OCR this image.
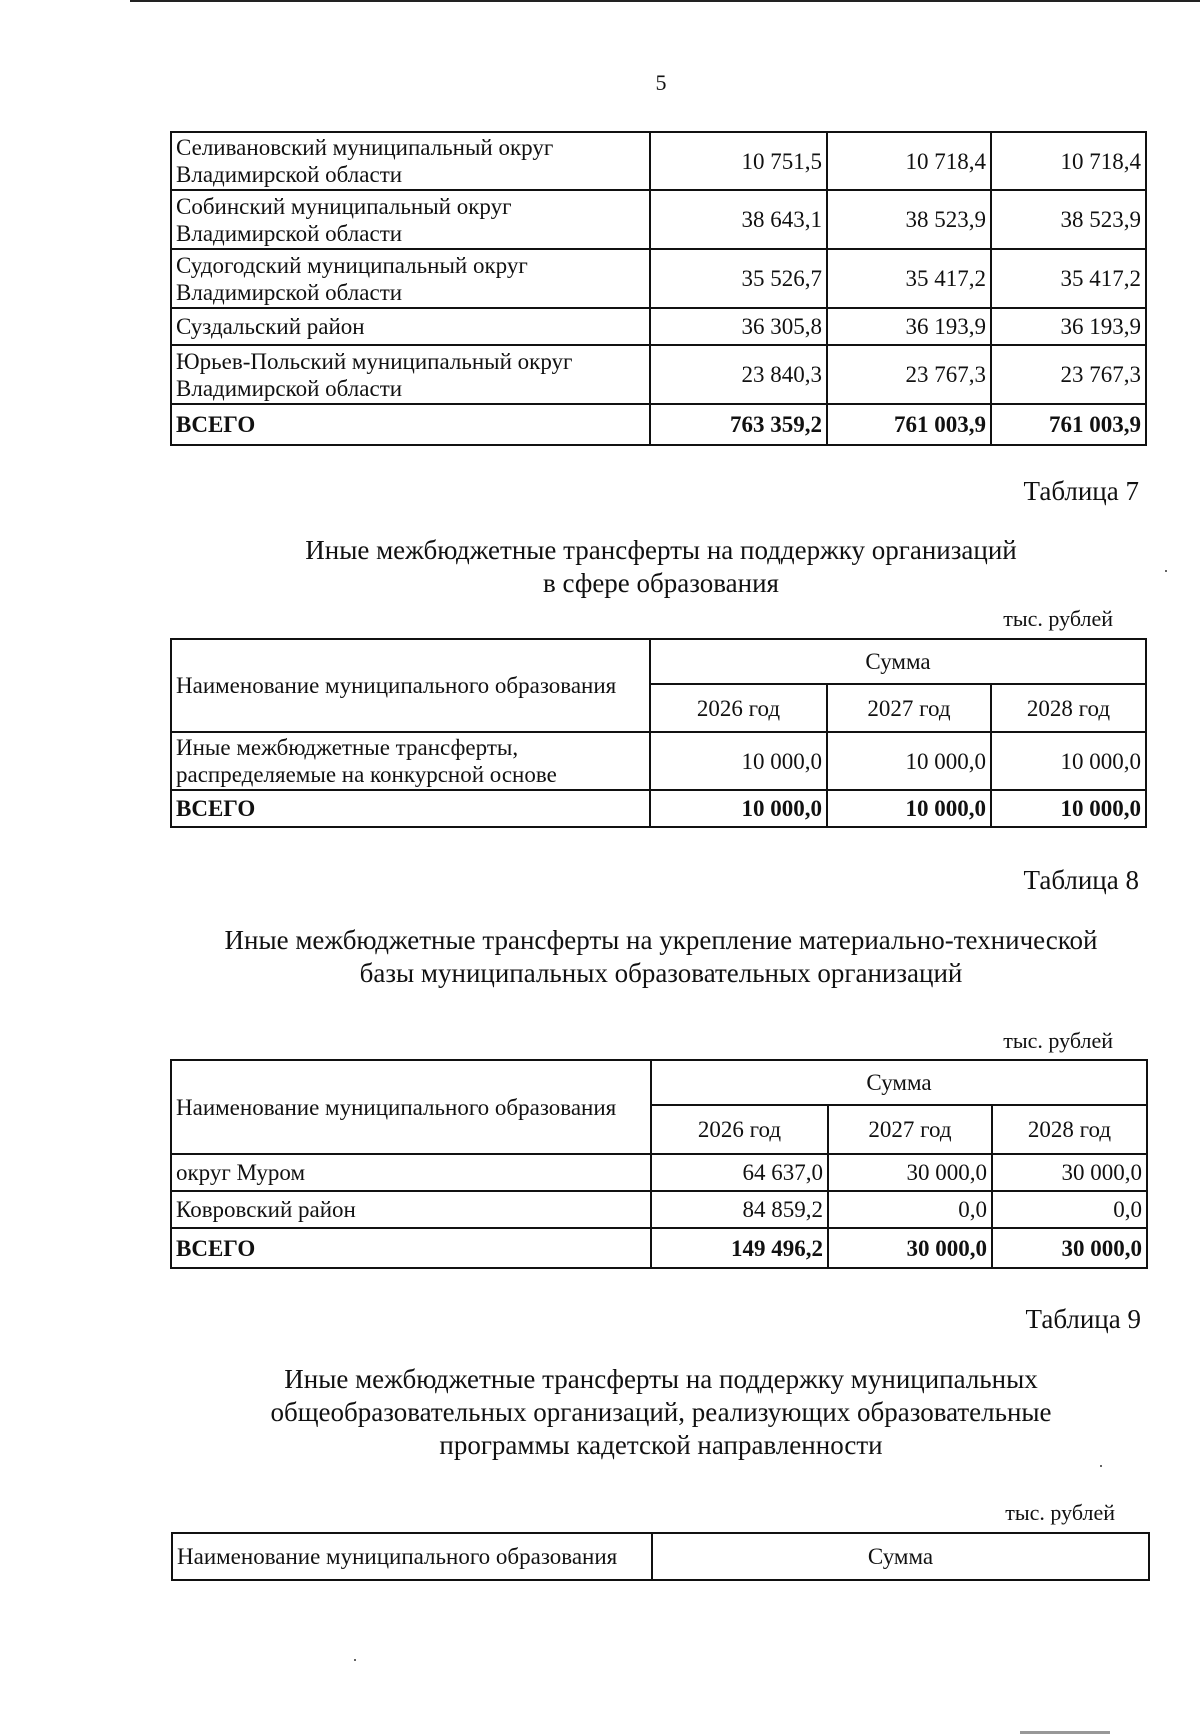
5
Селивановский муниципальный округ
Владимирской области	10 751,5	10 718,4	10 718,4
Собинский муниципальный округ
Владимирской области	38 643,1	38 523,9	38 523,9
Судогодский муниципальный округ
Владимирской области	35 526,7	35 417,2	35 417,2
Суздальский район	36 305,8	36 193,9	36 193,9
Юрьев-Польский муниципальный округ
Владимирской области	23 840,3	23 767,3	23 767,3
ВСЕГО	763 359,2	761 003,9	761 003,9
Таблица 7
Иные межбюджетные трансферты на поддержку организаций
в сфере образования
тыс. рублей
Наименование муниципального образования	Сумма		
	2026 год	2027 год	2028 год
Иные межбюджетные трансферты,
распределяемые на конкурсной основе	10 000,0	10 000,0	10 000,0
ВСЕГО	10 000,0	10 000,0	10 000,0
Таблица 8
Иные межбюджетные трансферты на укрепление материально-технической
базы муниципальных образовательных организаций
тыс. рублей
Наименование муниципального образования	Сумма		
	2026 год	2027 год	2028 год
округ Муром	64 637,0	30 000,0	30 000,0
Ковровский район	84 859,2	0,0	0,0
ВСЕГО	149 496,2	30 000,0	30 000,0
Таблица 9
Иные межбюджетные трансферты на поддержку муниципальных
общеобразовательных организаций, реализующих образовательные
программы кадетской направленности
тыс. рублей
Наименование муниципального образования	Сумма
